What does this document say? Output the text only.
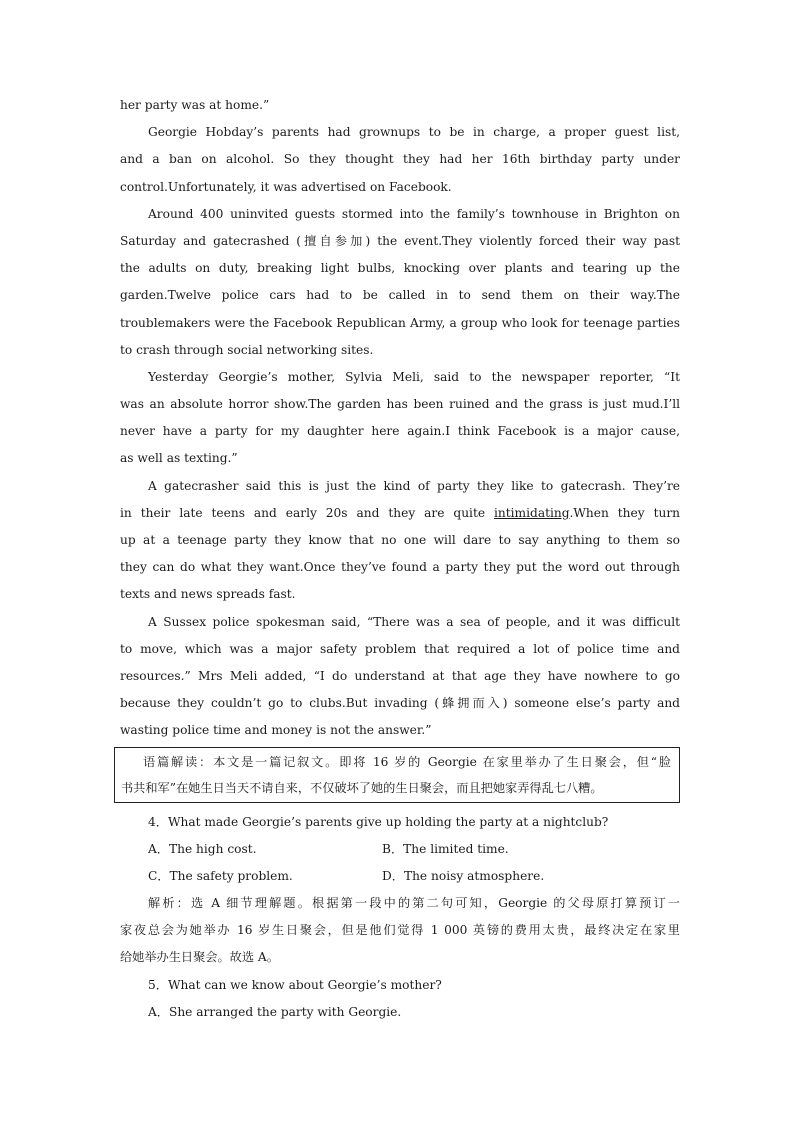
her party was at home.”
Georgie Hobday’s parents had grownups to be in charge, a proper guest list,
and a ban on alcohol. So they thought they had her 16th birthday party under
control.Unfortunately, it was advertised on Facebook.
Around 400 uninvited guests stormed into the family’s townhouse in Brighton on
Saturday and gatecrashed (擅自参加) the event.They violently forced their way past
the adults on duty, breaking light bulbs, knocking over plants and tearing up the
garden.Twelve police cars had to be called in to send them on their way.The
troublemakers were the Facebook Republican Army, a group who look for teenage parties
to crash through social networking sites.
Yesterday Georgie’s mother, Sylvia Meli, said to the newspaper reporter, “It
was an absolute horror show.The garden has been ruined and the grass is just mud.I’ll
never have a party for my daughter here again.I think Facebook is a major cause,
as well as texting.”
A gatecrasher said this is just the kind of party they like to gatecrash. They’re
in their late teens and early 20s and they are quite intimidating.When they turn
up at a teenage party they know that no one will dare to say anything to them so
they can do what they want.Once they’ve found a party they put the word out through
texts and news spreads fast.
A Sussex police spokesman said, “There was a sea of people, and it was difficult
to move, which was a major safety problem that required a lot of police time and
resources.” Mrs Meli added, “I do understand at that age they have nowhere to go
because they couldn’t go to clubs.But invading (蜂拥而入) someone else’s party and
wasting police time and money is not the answer.”
语篇解读：本文是一篇记叙文。即将 16 岁的 Georgie 在家里举办了生日聚会，但“脸
书共和军”在她生日当天不请自来，不仅破坏了她的生日聚会，而且把她家弄得乱七八糟。
4．What made Georgie’s parents give up holding the party at a nightclub?
A．The high cost.	B．The limited time.
C．The safety problem.	D．The noisy atmosphere.
解析：选 A 细节理解题。根据第一段中的第二句可知，Georgie 的父母原打算预订一
家夜总会为她举办 16 岁生日聚会，但是他们觉得 1 000 英镑的费用太贵，最终决定在家里
给她举办生日聚会。故选 A。
5．What can we know about Georgie’s mother?
A．She arranged the party with Georgie.
